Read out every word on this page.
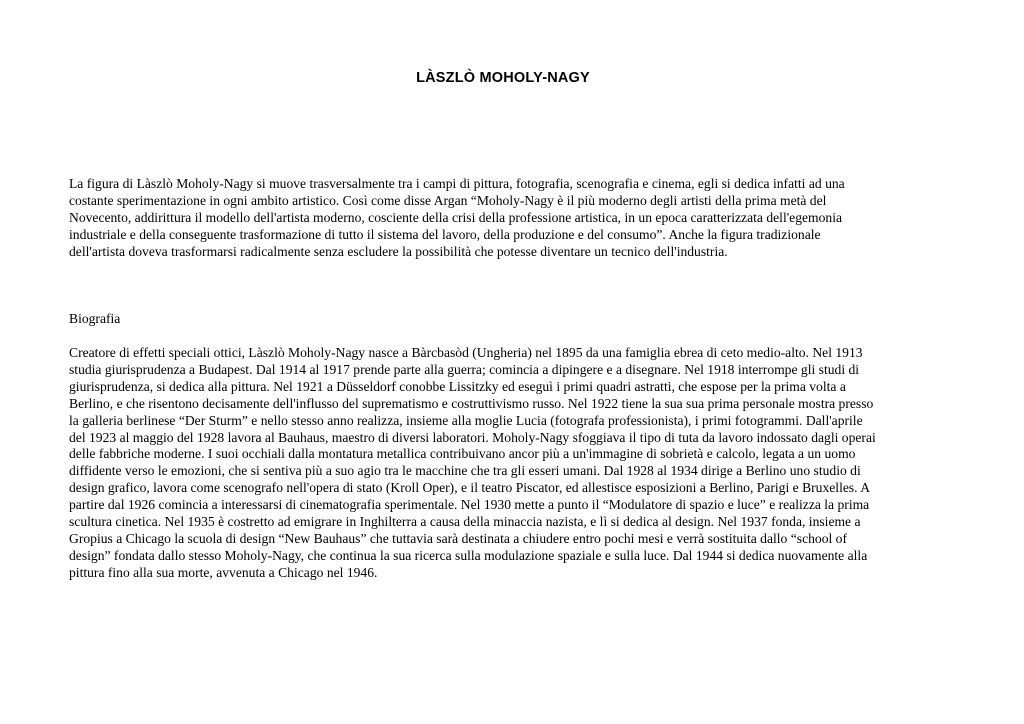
LÀSZLÒ MOHOLY-NAGY

La figura di Làszlò Moholy-Nagy si muove trasversalmente tra i campi di pittura, fotografia, scenografia e cinema, egli si dedica infatti ad una
costante sperimentazione in ogni ambito artistico. Così come disse Argan “Moholy-Nagy è il più moderno degli artisti della prima metà del
Novecento, addirittura il modello dell'artista moderno, cosciente della crisi della professione artistica, in un epoca caratterizzata dell'egemonia
industriale e della conseguente trasformazione di tutto il sistema del lavoro, della produzione e del consumo”. Anche la figura tradizionale
dell'artista doveva trasformarsi radicalmente senza escludere la possibilità che potesse diventare un tecnico dell'industria.

Biografia

Creatore di effetti speciali ottici, Làszlò Moholy-Nagy nasce a Bàrcbasòd (Ungheria) nel 1895 da una famiglia ebrea di ceto medio-alto. Nel 1913
studia giurisprudenza a Budapest. Dal 1914 al 1917 prende parte alla guerra; comincia a dipingere e a disegnare. Nel 1918 interrompe gli studi di
giurisprudenza, si dedica alla pittura. Nel 1921 a Düsseldorf conobbe Lissitzky ed eseguì i primi quadri astratti, che espose per la prima volta a
Berlino, e che risentono decisamente dell'influsso del suprematismo e costruttivismo russo. Nel 1922 tiene la sua sua prima personale mostra presso
la galleria berlinese “Der Sturm” e nello stesso anno realizza, insieme alla moglie Lucia (fotografa professionista), i primi fotogrammi. Dall'aprile
del 1923 al maggio del 1928 lavora al Bauhaus, maestro di diversi laboratori. Moholy-Nagy sfoggiava il tipo di tuta da lavoro indossato dagli operai
delle fabbriche moderne. I suoi occhiali dalla montatura metallica contribuivano ancor più a un'immagine di sobrietà e calcolo, legata a un uomo
diffidente verso le emozioni, che si sentiva più a suo agio tra le macchine che tra gli esseri umani. Dal 1928 al 1934 dirige a Berlino uno studio di
design grafico, lavora come scenografo nell'opera di stato (Kroll Oper), e il teatro Piscator, ed allestisce esposizioni a Berlino, Parigi e Bruxelles. A
partire dal 1926 comincia a interessarsi di cinematografia sperimentale. Nel 1930 mette a punto il “Modulatore di spazio e luce” e realizza la prima
scultura cinetica. Nel 1935 è costretto ad emigrare in Inghilterra a causa della minaccia nazista, e lì si dedica al design. Nel 1937 fonda, insieme a
Gropius a Chicago la scuola di design “New Bauhaus” che tuttavia sarà destinata a chiudere entro pochi mesi e verrà sostituita dallo “school of
design” fondata dallo stesso Moholy-Nagy, che continua la sua ricerca sulla modulazione spaziale e sulla luce. Dal 1944 si dedica nuovamente alla
pittura fino alla sua morte, avvenuta a Chicago nel 1946.
